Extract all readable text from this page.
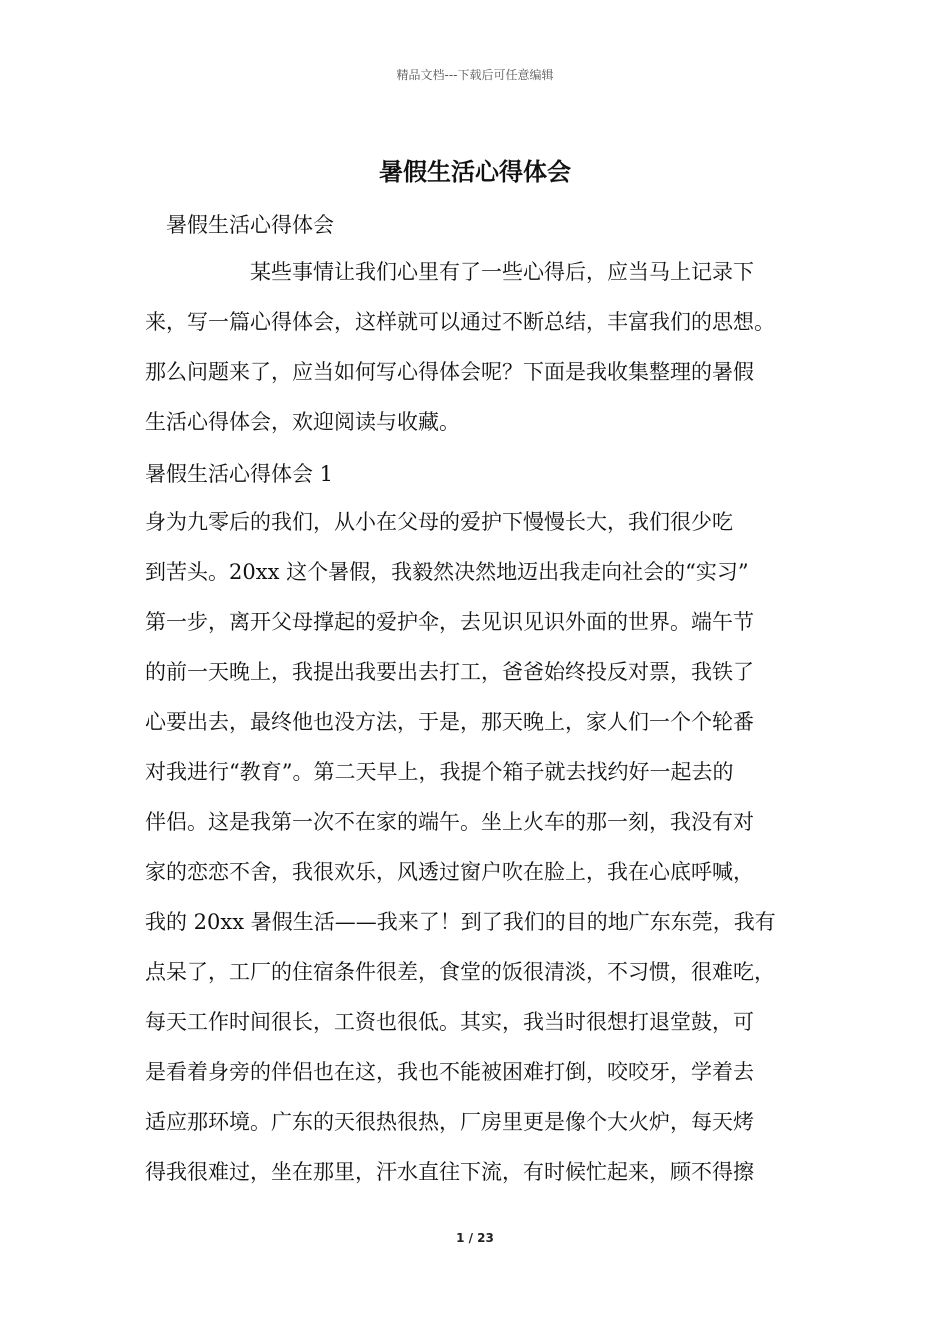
精品文档---下载后可任意编辑
暑假生活心得体会
暑假生活心得体会
　　　　　某些事情让我们心里有了一些心得后，应当马上记录下
来，写一篇心得体会，这样就可以通过不断总结，丰富我们的思想。
那么问题来了，应当如何写心得体会呢？下面是我收集整理的暑假
生活心得体会，欢迎阅读与收藏。
暑假生活心得体会 1
身为九零后的我们，从小在父母的爱护下慢慢长大，我们很少吃
到苦头。20xx 这个暑假，我毅然决然地迈出我走向社会的“实习”
第一步，离开父母撑起的爱护伞，去见识见识外面的世界。端午节
的前一天晚上，我提出我要出去打工，爸爸始终投反对票，我铁了
心要出去，最终他也没方法，于是，那天晚上，家人们一个个轮番
对我进行“教育”。第二天早上，我提个箱子就去找约好一起去的
伴侣。这是我第一次不在家的端午。坐上火车的那一刻，我没有对
家的恋恋不舍，我很欢乐，风透过窗户吹在脸上，我在心底呼喊，
我的 20xx 暑假生活——我来了！到了我们的目的地广东东莞，我有
点呆了，工厂的住宿条件很差，食堂的饭很清淡，不习惯，很难吃，
每天工作时间很长，工资也很低。其实，我当时很想打退堂鼓，可
是看着身旁的伴侣也在这，我也不能被困难打倒，咬咬牙，学着去
适应那环境。广东的天很热很热，厂房里更是像个大火炉，每天烤
得我很难过，坐在那里，汗水直往下流，有时候忙起来，顾不得擦
1 / 23
